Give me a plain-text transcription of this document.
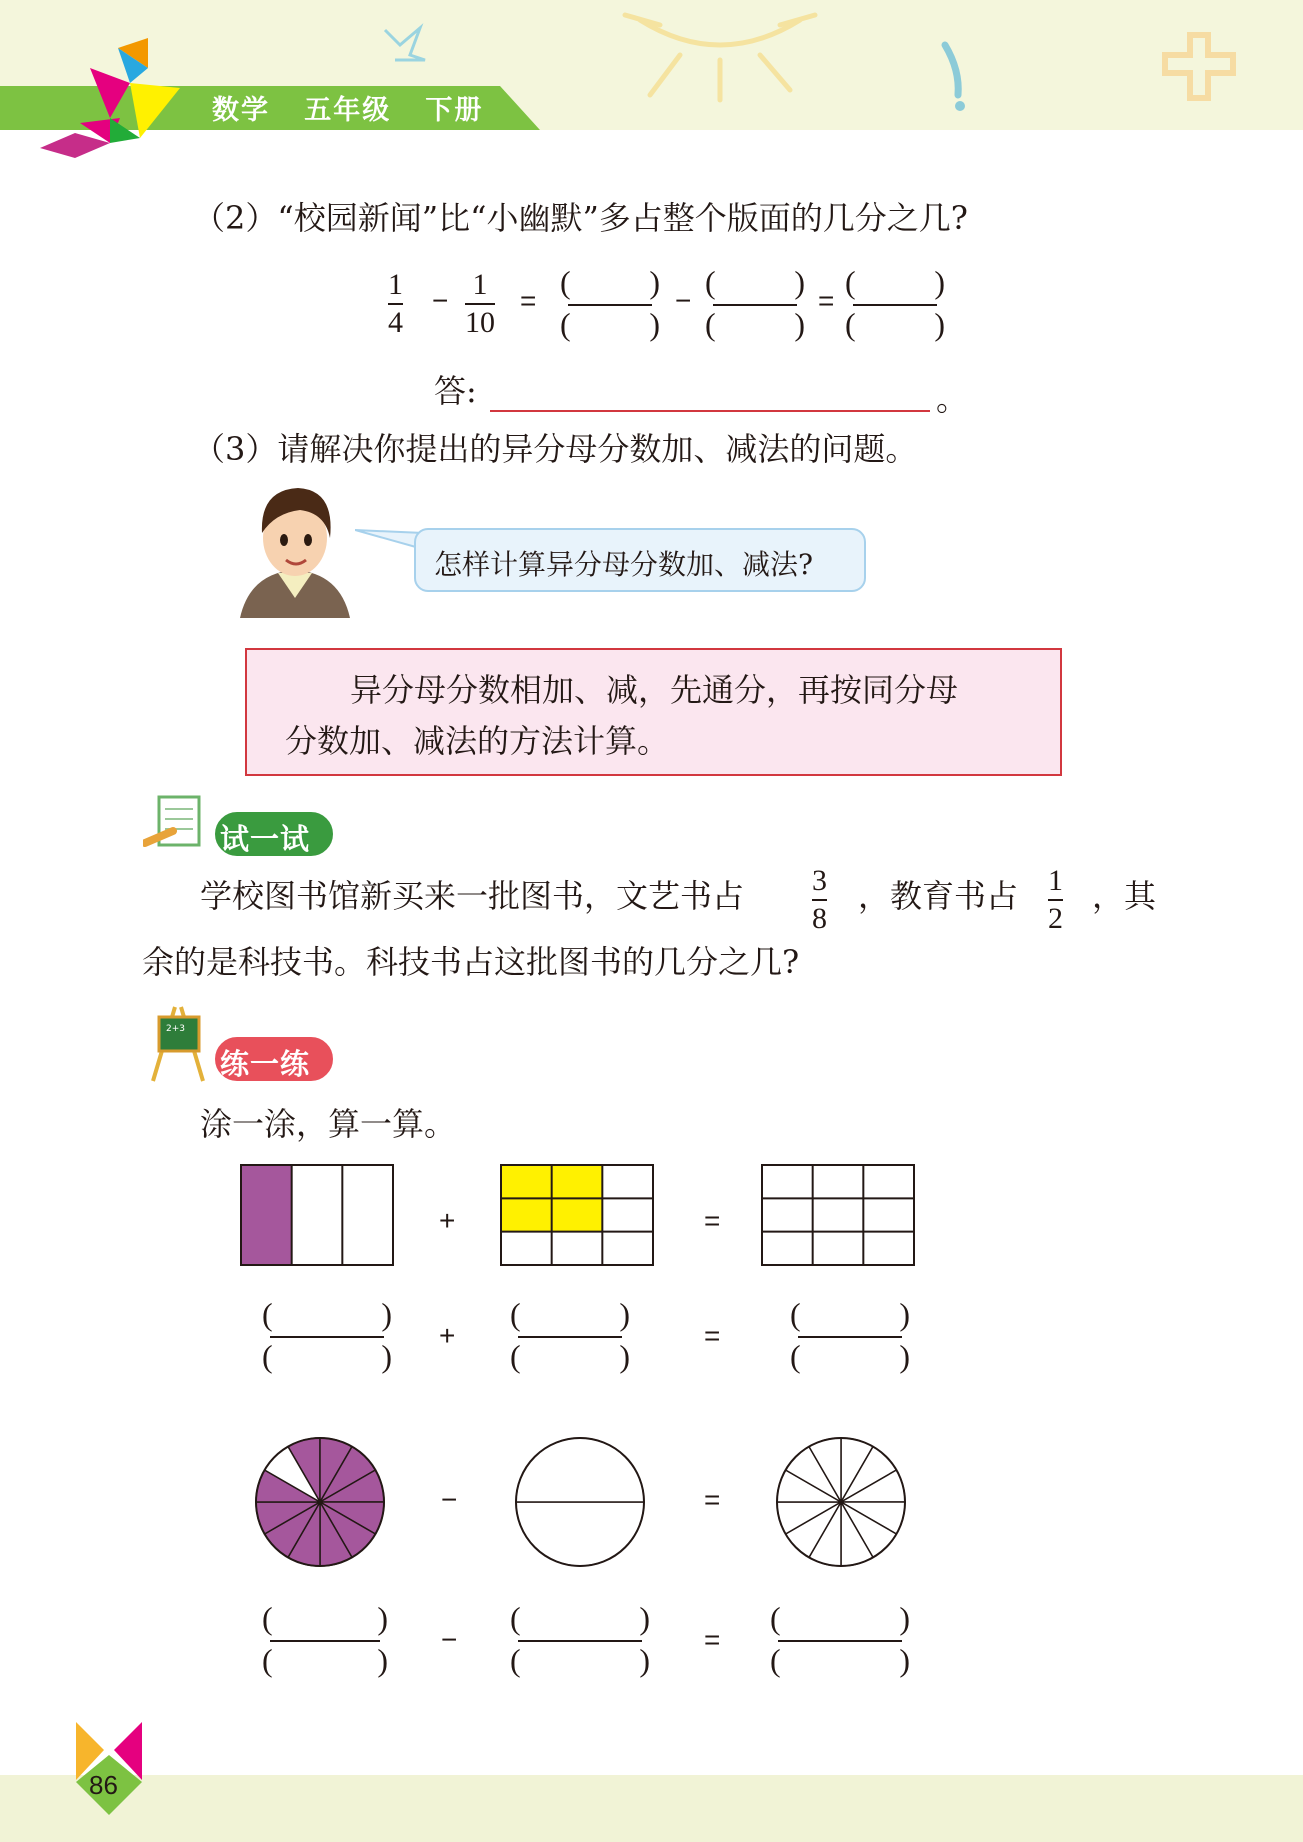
数学 五年级 下册
（2）“校园新闻”比“小幽默”多占整个版面的几分之几?
1
4
− 1
10
=
( )
( )
−
( )
( )
=
( )
( )
答:	。
（3）请解决你提出的异分母分数加、减法的问题。
怎样计算异分母分数加、减法?
异分母分数相加、减，先通分，再按同分母
分数加、减法的方法计算。
试一试
学校图书馆新买来一批图书，文艺书占 3
8
，教育书占 1
2
，其
余的是科技书。科技书占这批图书的几分之几?
2+3
练一练
涂一涂，算一算。
+	=
(	)
(	)
+
(	)
(	)
=
(	)
(	)
−	=
(	)
(	)
−
(	)
(	)
=
(	)
(	)
86
